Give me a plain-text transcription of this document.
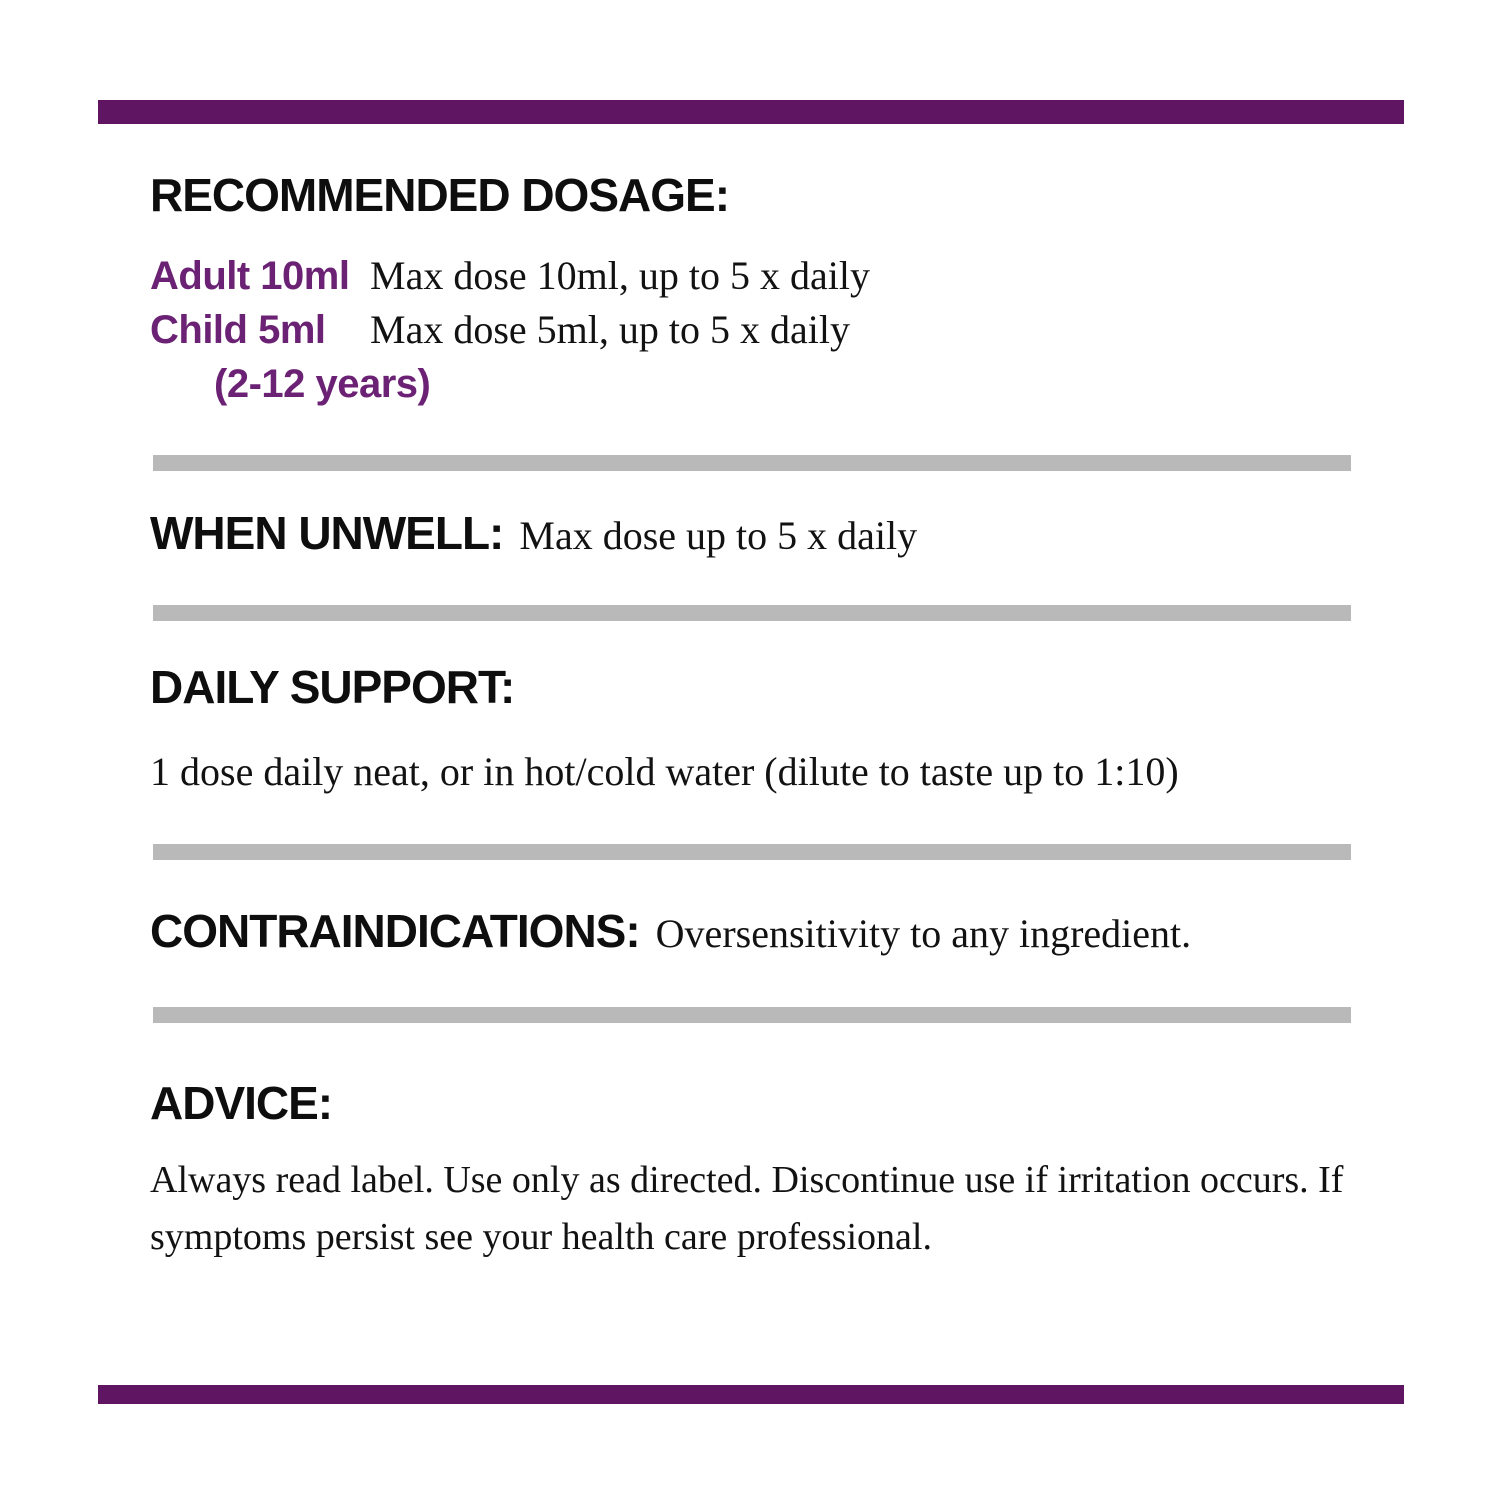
RECOMMENDED DOSAGE:
Adult 10ml Max dose 10ml, up to 5 x daily
Child 5ml Max dose 5ml, up to 5 x daily
(2-12 years)
WHEN UNWELL: Max dose up to 5 x daily
DAILY SUPPORT:
1 dose daily neat, or in hot/cold water (dilute to taste up to 1:10)
CONTRAINDICATIONS: Oversensitivity to any ingredient.
ADVICE:
Always read label. Use only as directed. Discontinue use if irritation occurs. If symptoms persist see your health care professional.
